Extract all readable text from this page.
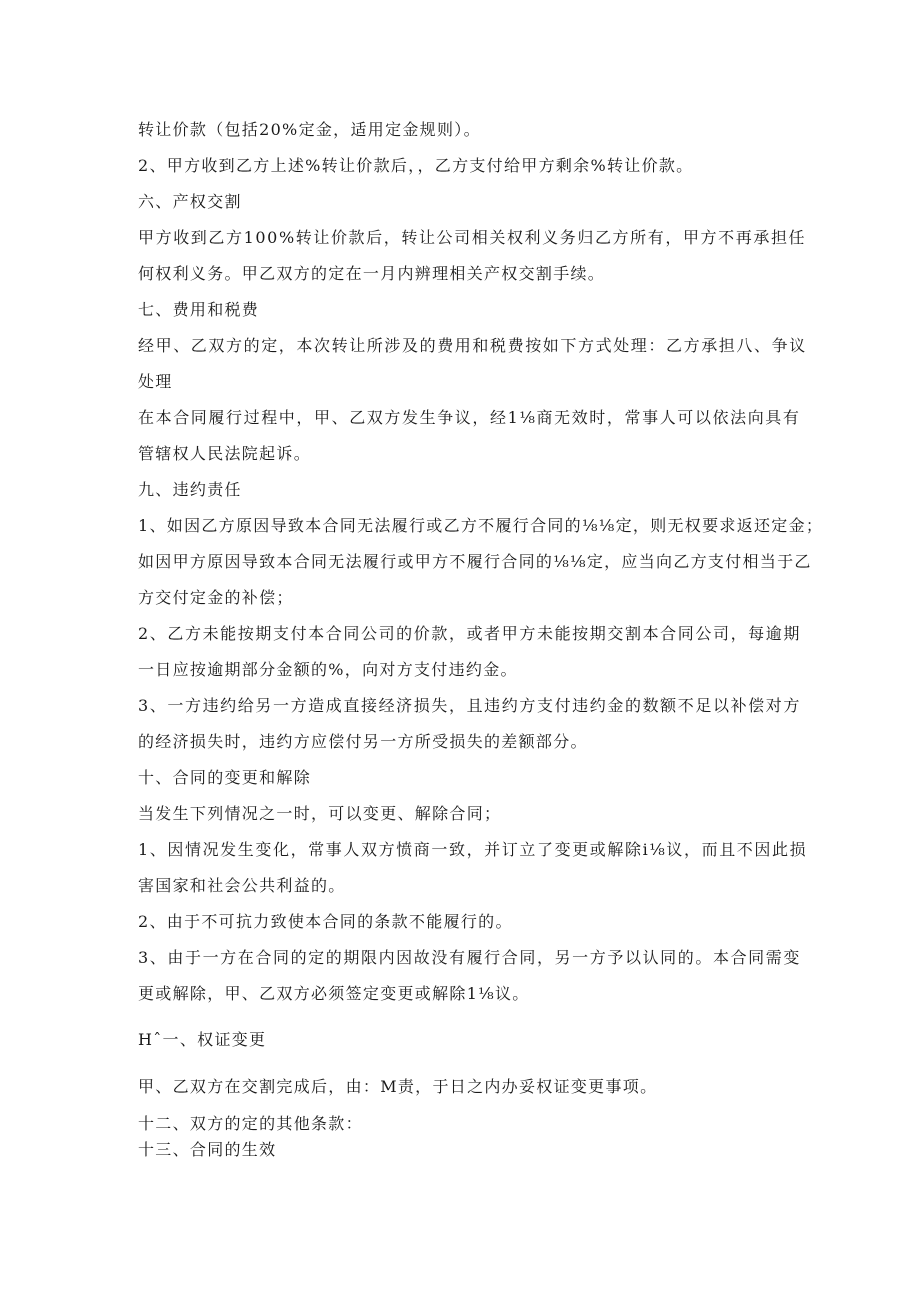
转让价款（包括20%定金，适用定金规则）。
2、甲方收到乙方上述%转让价款后，，乙方支付给甲方剩余%转让价款。
六、产权交割
甲方收到乙方100%转让价款后，转让公司相关权利义务归乙方所有，甲方不再承担任
何权利义务。甲乙双方的定在一月内辨理相关产权交割手续。
七、费用和税费
经甲、乙双方的定，本次转让所涉及的费用和税费按如下方式处理：乙方承担八、争议
处理
在本合同履行过程中，甲、乙双方发生争议，经1⅛商无效时，常事人可以依法向具有
管辖权人民法院起诉。
九、违约责任
1、如因乙方原因导致本合同无法履行或乙方不履行合同的⅛⅛定，则无权要求返还定金；
如因甲方原因导致本合同无法履行或甲方不履行合同的⅛⅛定，应当向乙方支付相当于乙
方交付定金的补偿；
2、乙方未能按期支付本合同公司的价款，或者甲方未能按期交割本合同公司，每逾期
一日应按逾期部分金额的%，向对方支付违约金。
3、一方违约给另一方造成直接经济损失，且违约方支付违约金的数额不足以补偿对方
的经济损失时，违约方应偿付另一方所受损失的差额部分。
十、合同的变更和解除
当发生下列情况之一时，可以变更、解除合同；
1、因情况发生变化，常事人双方愤商一致，并订立了变更或解除i⅛议，而且不因此损
害国家和社会公共利益的。
2、由于不可抗力致使本合同的条款不能履行的。
3、由于一方在合同的定的期限内因故没有履行合同，另一方予以认同的。本合同需变
更或解除，甲、乙双方必须签定变更或解除1⅛议。
Hˆ一、权证变更
甲、乙双方在交割完成后，由：M责，于日之内办妥权证变更事项。
十二、双方的定的其他条款：
十三、合同的生效
